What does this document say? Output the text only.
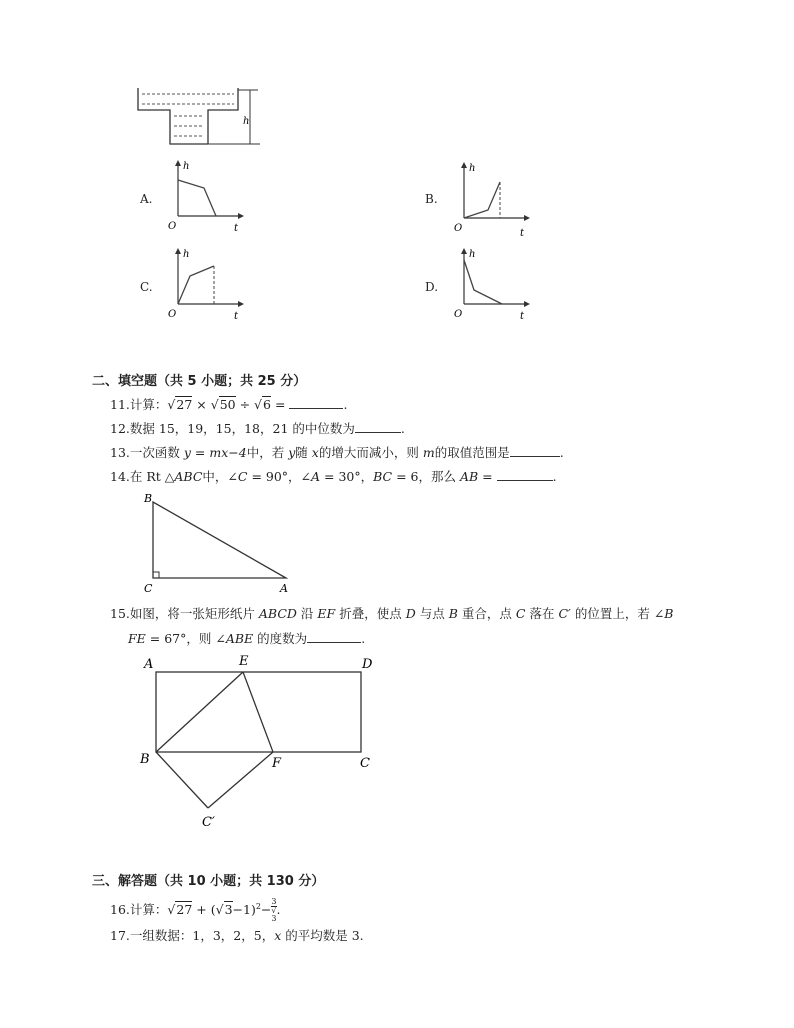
h
A.
h
O	t
B.
h
O	t
C.
h
O	t
D.
h
O	t
二、填空题（共 5 小题；共 25 分）
11.计算：√27 × √50 ÷ √6 =	.
12.数据 15，19，15，18，21 的中位数为	.
13.一次函数 y = mx−4中，若 y随 x的增大而减小，则 m的取值范围是	.
14.在 Rt △ABC中，∠C = 90°，∠A = 30°，BC = 6，那么 AB =	.
B
C	A
15.如图，将一张矩形纸片 ABCD 沿 EF 折叠，使点 D 与点 B 重合，点 C 落在 C′ 的位置上，若 ∠B
FE = 67°，则 ∠ABE 的度数为	.
A	E	D
B	F	C
C′
三、解答题（共 10 小题；共 130 分）
16.计算：$√27 + (√3-1)^2- 3$
√
3 .
17.一组数据：1，3，2，5，x 的平均数是 3.
